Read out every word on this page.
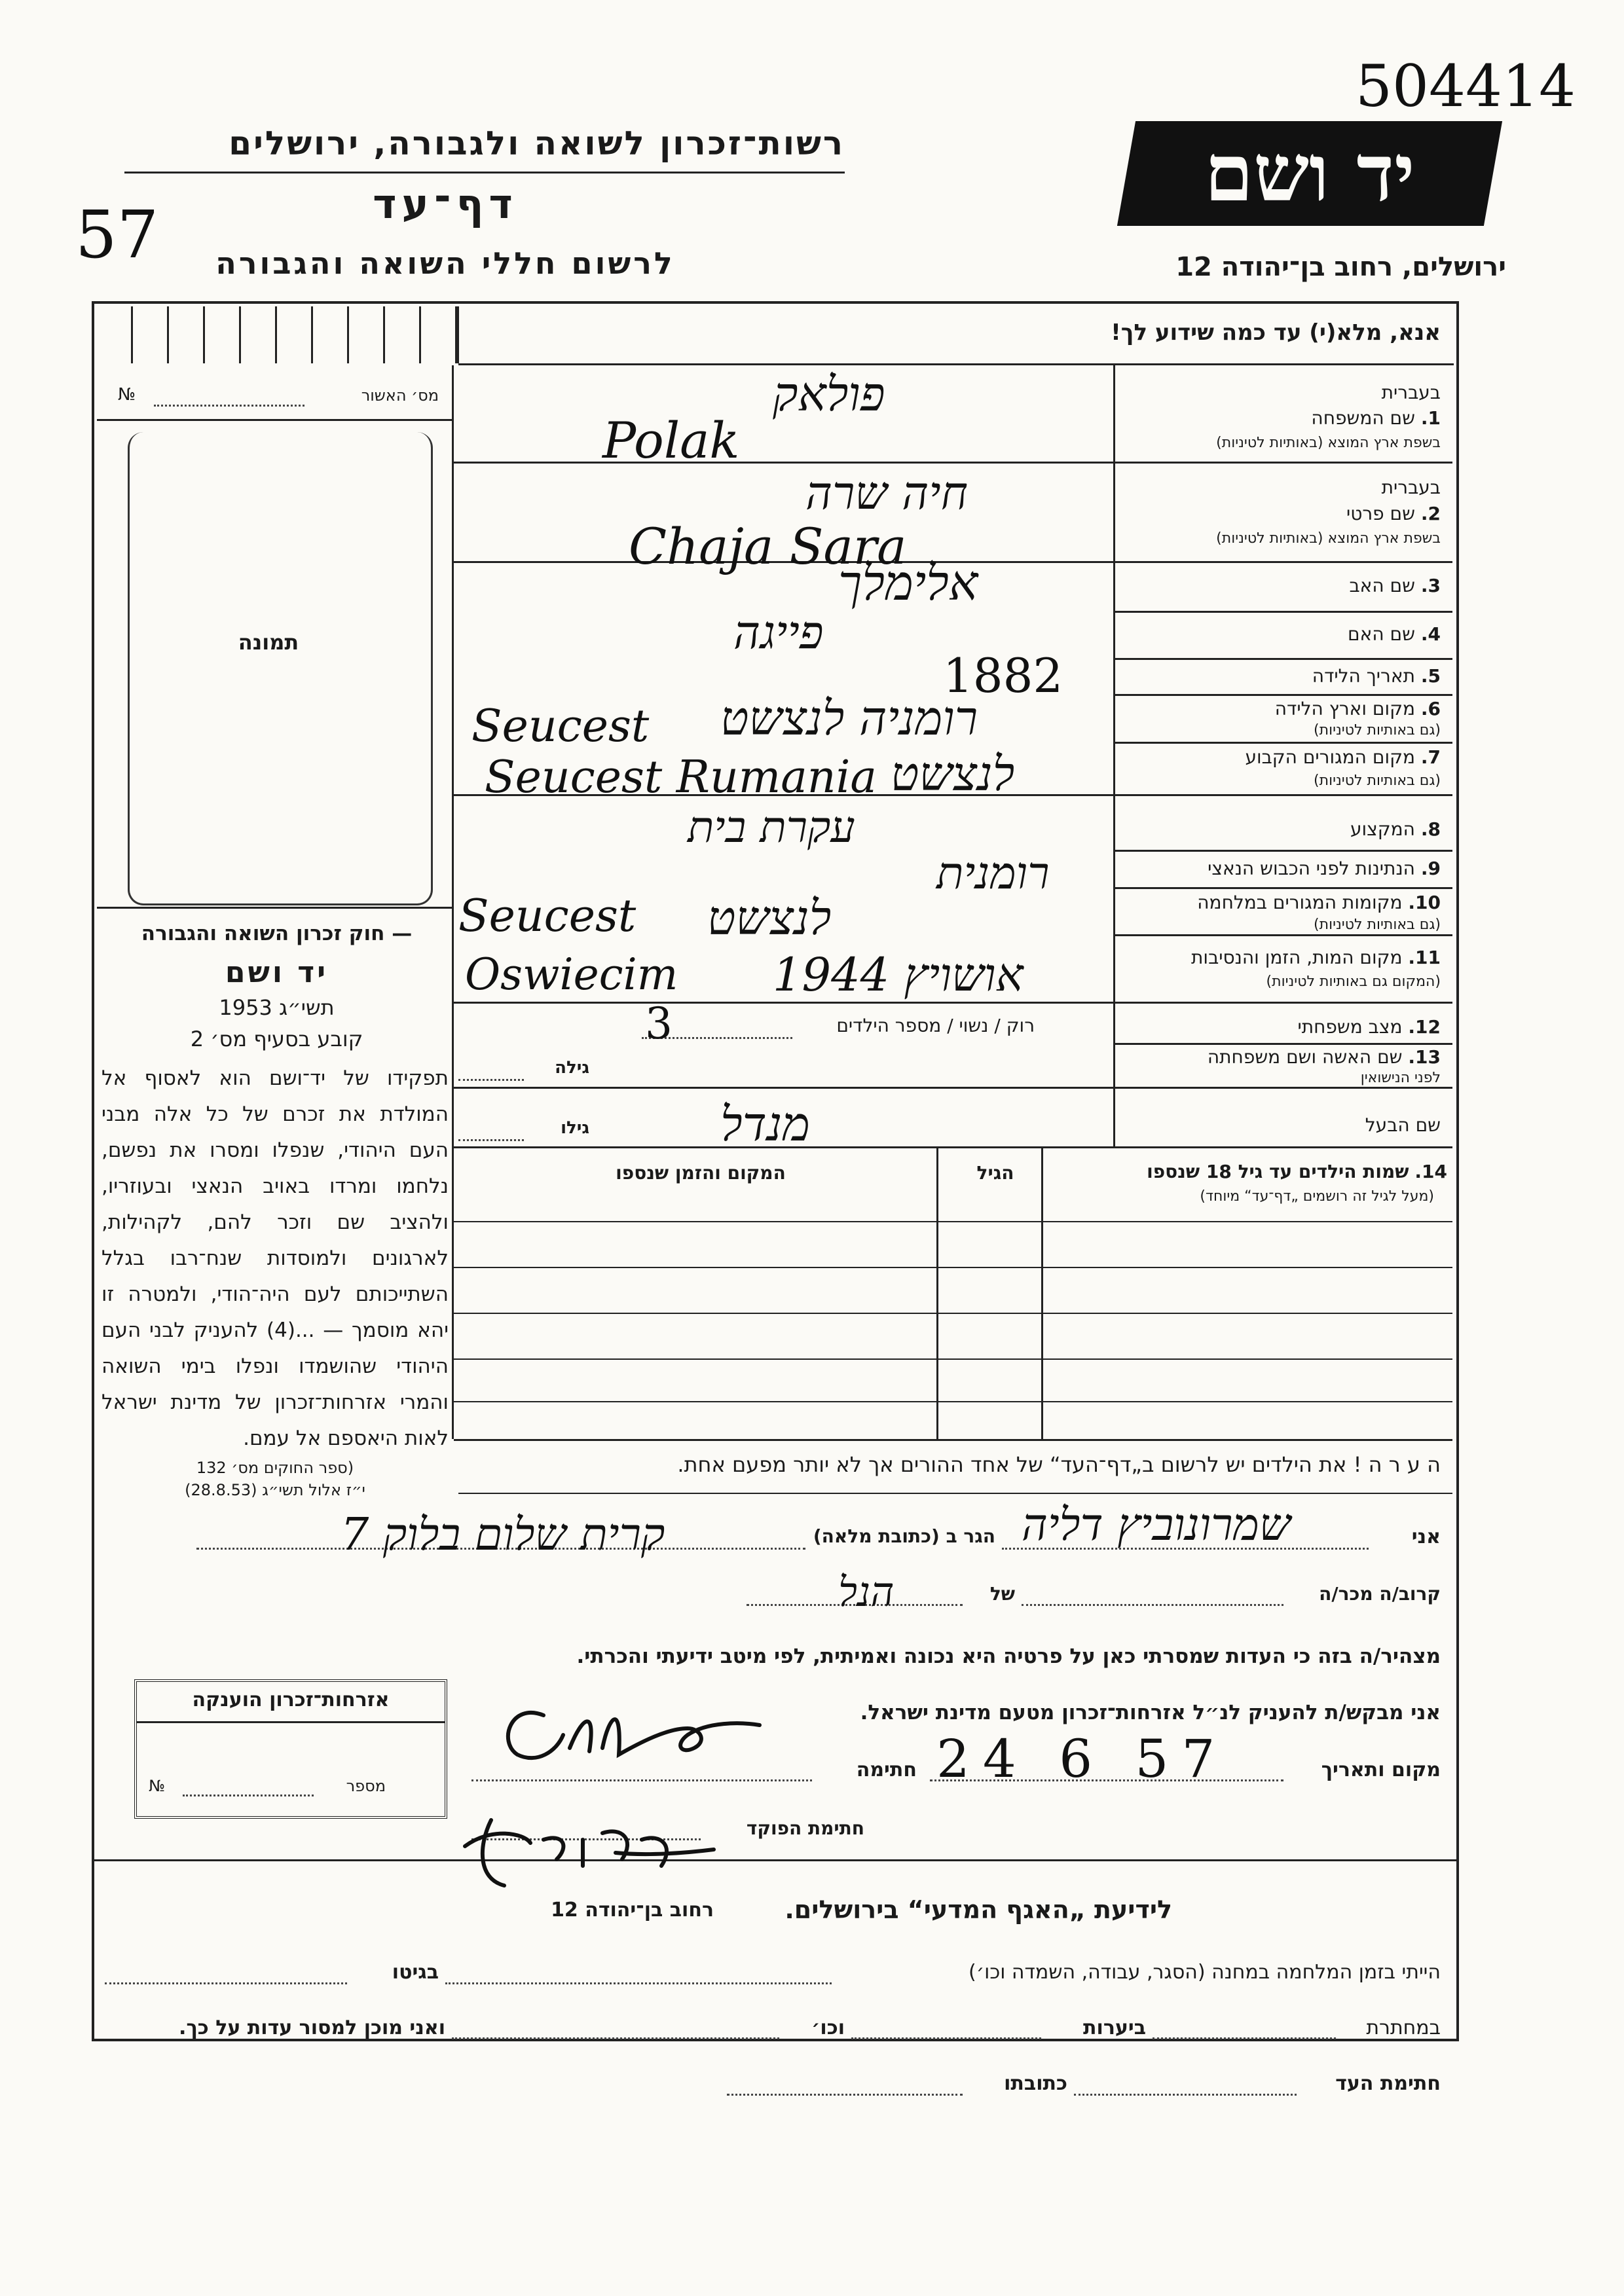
504414
57
רשות־זכרון לשואה ולגבורה, ירושלים	יד ושם
דף־עד
לרשום חללי השואה והגבורה	ירושלים, רחוב בן־יהודה 12
אנא, מלא(י) עד כמה שידוע לך!
מס׳ האשור
№
תמונה
— חוק זכרון השואה והגבורה
יד ושם
תשי״ג 1953
קובע בסעיף מס׳ 2
תפקידו של יד־ושם הוא לאסוף אל המולדת את זכרם של כל אלה מבני העם היהודי, שנפלו ומסרו את נפשם, נלחמו ומרדו באויב הנאצי ובעוזריו, ולהציב שם וזכר להם, לקהילות, לארגונים ולמוסדות שנח־רבו בגלל השתייכותם לעם היה־הודי, ולמטרה זו יהא מוסמך — ...(4) להעניק לבני העם היהודי שהושמדו ונפלו בימי השואה והמרי אזרחות־זכרון של מדינת ישראל לאות היאספם אל עמם.
(ספר החוקים מס׳ 132
י״ז אלול תשי״ג (28.8.53)
בעברית
1. שם המשפחה
בשפת ארץ המוצא (באותיות לטיניות)
בעברית
2. שם פרטי
בשפת ארץ המוצא (באותיות לטיניות)
3. שם האב
4. שם האם
5. תאריך הלידה
6. מקום וארץ הלידה
(גם באותיות לטיניות)
7. מקום המגורים הקבוע
(גם באותיות לטיניות)
8. המקצוע
9. הנתינות לפני הכבוש הנאצי
10. מקומות המגורים במלחמה
(גם באותיות לטיניות)
11. מקום המות, הזמן והנסיבות
(המקום גם באותיות לטיניות)
12. מצב משפחתי
13. שם האשה ושם משפחתה
לפני הנישואין
שם הבעל
רוק / נשוי / מספר הילדים
גילה
גילו
14. שמות הילדים עד גיל 18 שנספו
(מעל לגיל זה רושמים „דף־עד“ מיוחד)
הגיל
המקום והזמן שנספו
ה ע ר ה ! את הילדים יש לרשום ב„דף־העד“ של אחד ההורים אך לא יותר מפעם אחת.
אני
הגר ב (כתובת מלאה)
קרוב/ה מכר/ה
של
מצהיר/ה בזה כי העדות שמסרתי כאן על פרטיה היא נכונה ואמיתית, לפי מיטב ידיעתי והכרתי.
אני מבקש/ת להעניק לנ״ל אזרחות־זכרון מטעם מדינת ישראל.
מקום ותאריך
חתימה
חתימת הפוקד
אזרחות־זכרון הוענקה
מספר
№
לידיעת „האגף המדעי“ בירושלים.
רחוב בן־יהודה 12
הייתי בזמן המלחמה במחנה (הסגר, עבודה, השמדה וכו׳)
בגיטו
במחתרת
ביערות
וכו׳
ואני מוכן למסור עדות על כך.
חתימת העד
כתובתו
פולאק
Polak
חיה שרה
Chaja Sara
אלימלך
פייגה
1882
Seucest רומניה לנצשט
Seucest Rumania לנצשט
עקרת בית
רומנית
Seucest לנצשט
Oswiecim אושויץ 1944
3
מנדל
שמרונוביץ דליה
קרית שלום בלוק 7
הנל
24 6 57
